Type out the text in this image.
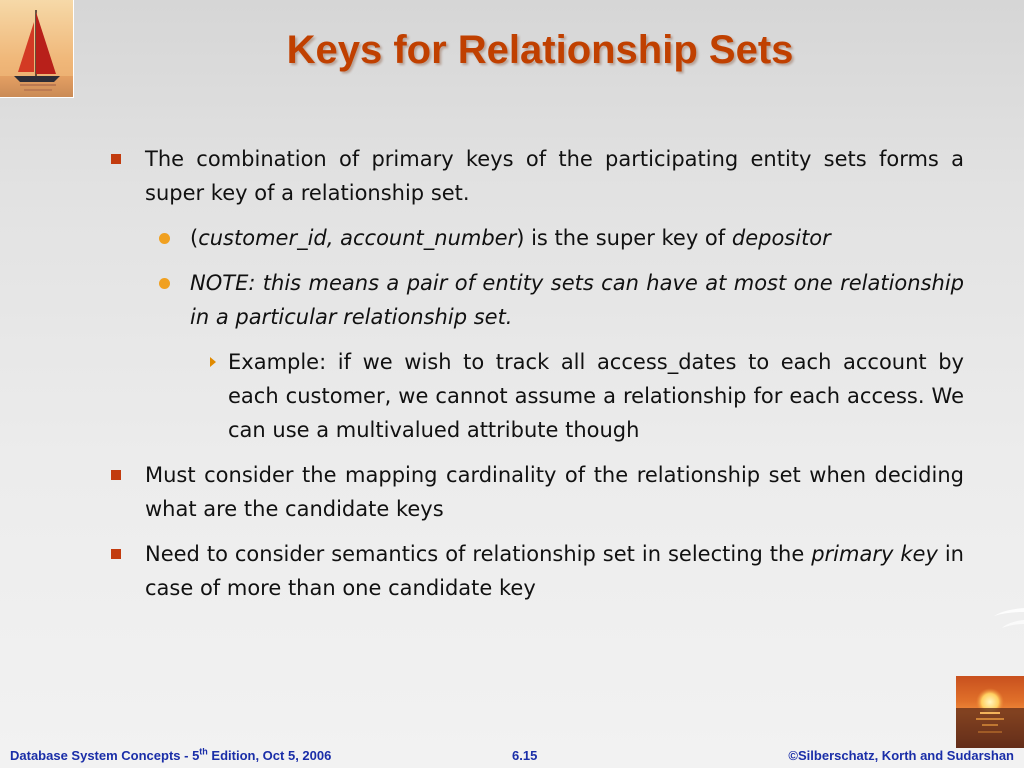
Keys for Relationship Sets
The combination of primary keys of the participating entity sets forms a super key of a relationship set.
(customer_id, account_number) is the super key of depositor
NOTE: this means a pair of entity sets can have at most one relationship in a particular relationship set.
Example: if we wish to track all access_dates to each account by each customer, we cannot assume a relationship for each access. We can use a multivalued attribute though
Must consider the mapping cardinality of the relationship set when deciding what are the candidate keys
Need to consider semantics of relationship set in selecting the primary key in case of more than one candidate key
Database System Concepts - 5th Edition, Oct 5, 2006	6.15	©Silberschatz, Korth and Sudarshan
